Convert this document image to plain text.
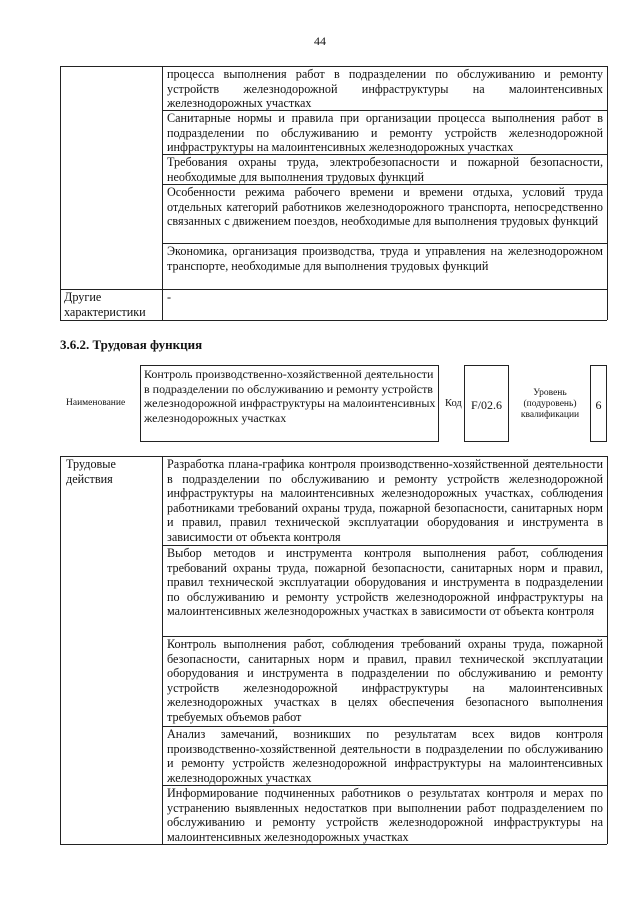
44
процесса выполнения работ в подразделении по обслуживанию и ремонту устройств железнодорожной инфраструктуры на малоинтенсивных железнодорожных участках
Санитарные нормы и правила при организации процесса выполнения работ в подразделении по обслуживанию и ремонту устройств железнодорожной инфраструктуры на малоинтенсивных железнодорожных участках
Требования охраны труда, электробезопасности и пожарной безопасности, необходимые для выполнения трудовых функций
Особенности режима рабочего времени и времени отдыха, условий труда отдельных категорий работников железнодорожного транспорта, непосредственно связанных с движением поездов, необходимые для выполнения трудовых функций
Экономика, организация производства, труда и управления на железнодорожном транспорте, необходимые для выполнения трудовых функций
Другие характеристики
-
3.6.2. Трудовая функция
Наименование
Контроль производственно-хозяйственной деятельности в подразделении по обслуживанию и ремонту устройств железнодорожной инфраструктуры на малоинтенсивных железнодорожных участках
Код F/02.6
Уровень (подуровень) квалификации
6
Трудовые действия
Разработка плана-графика контроля производственно-хозяйственной деятельности в подразделении по обслуживанию и ремонту устройств железнодорожной инфраструктуры на малоинтенсивных железнодорожных участках, соблюдения работниками требований охраны труда, пожарной безопасности, санитарных норм и правил, правил технической эксплуатации оборудования и инструмента в зависимости от объекта контроля
Выбор методов и инструмента контроля выполнения работ, соблюдения требований охраны труда, пожарной безопасности, санитарных норм и правил, правил технической эксплуатации оборудования и инструмента в подразделении по обслуживанию и ремонту устройств железнодорожной инфраструктуры на малоинтенсивных железнодорожных участках в зависимости от объекта контроля
Контроль выполнения работ, соблюдения требований охраны труда, пожарной безопасности, санитарных норм и правил, правил технической эксплуатации оборудования и инструмента в подразделении по обслуживанию и ремонту устройств железнодорожной инфраструктуры на малоинтенсивных железнодорожных участках в целях обеспечения безопасного выполнения требуемых объемов работ
Анализ замечаний, возникших по результатам всех видов контроля производственно-хозяйственной деятельности в подразделении по обслуживанию и ремонту устройств железнодорожной инфраструктуры на малоинтенсивных железнодорожных участках
Информирование подчиненных работников о результатах контроля и мерах по устранению выявленных недостатков при выполнении работ подразделением по обслуживанию и ремонту устройств железнодорожной инфраструктуры на малоинтенсивных железнодорожных участках
